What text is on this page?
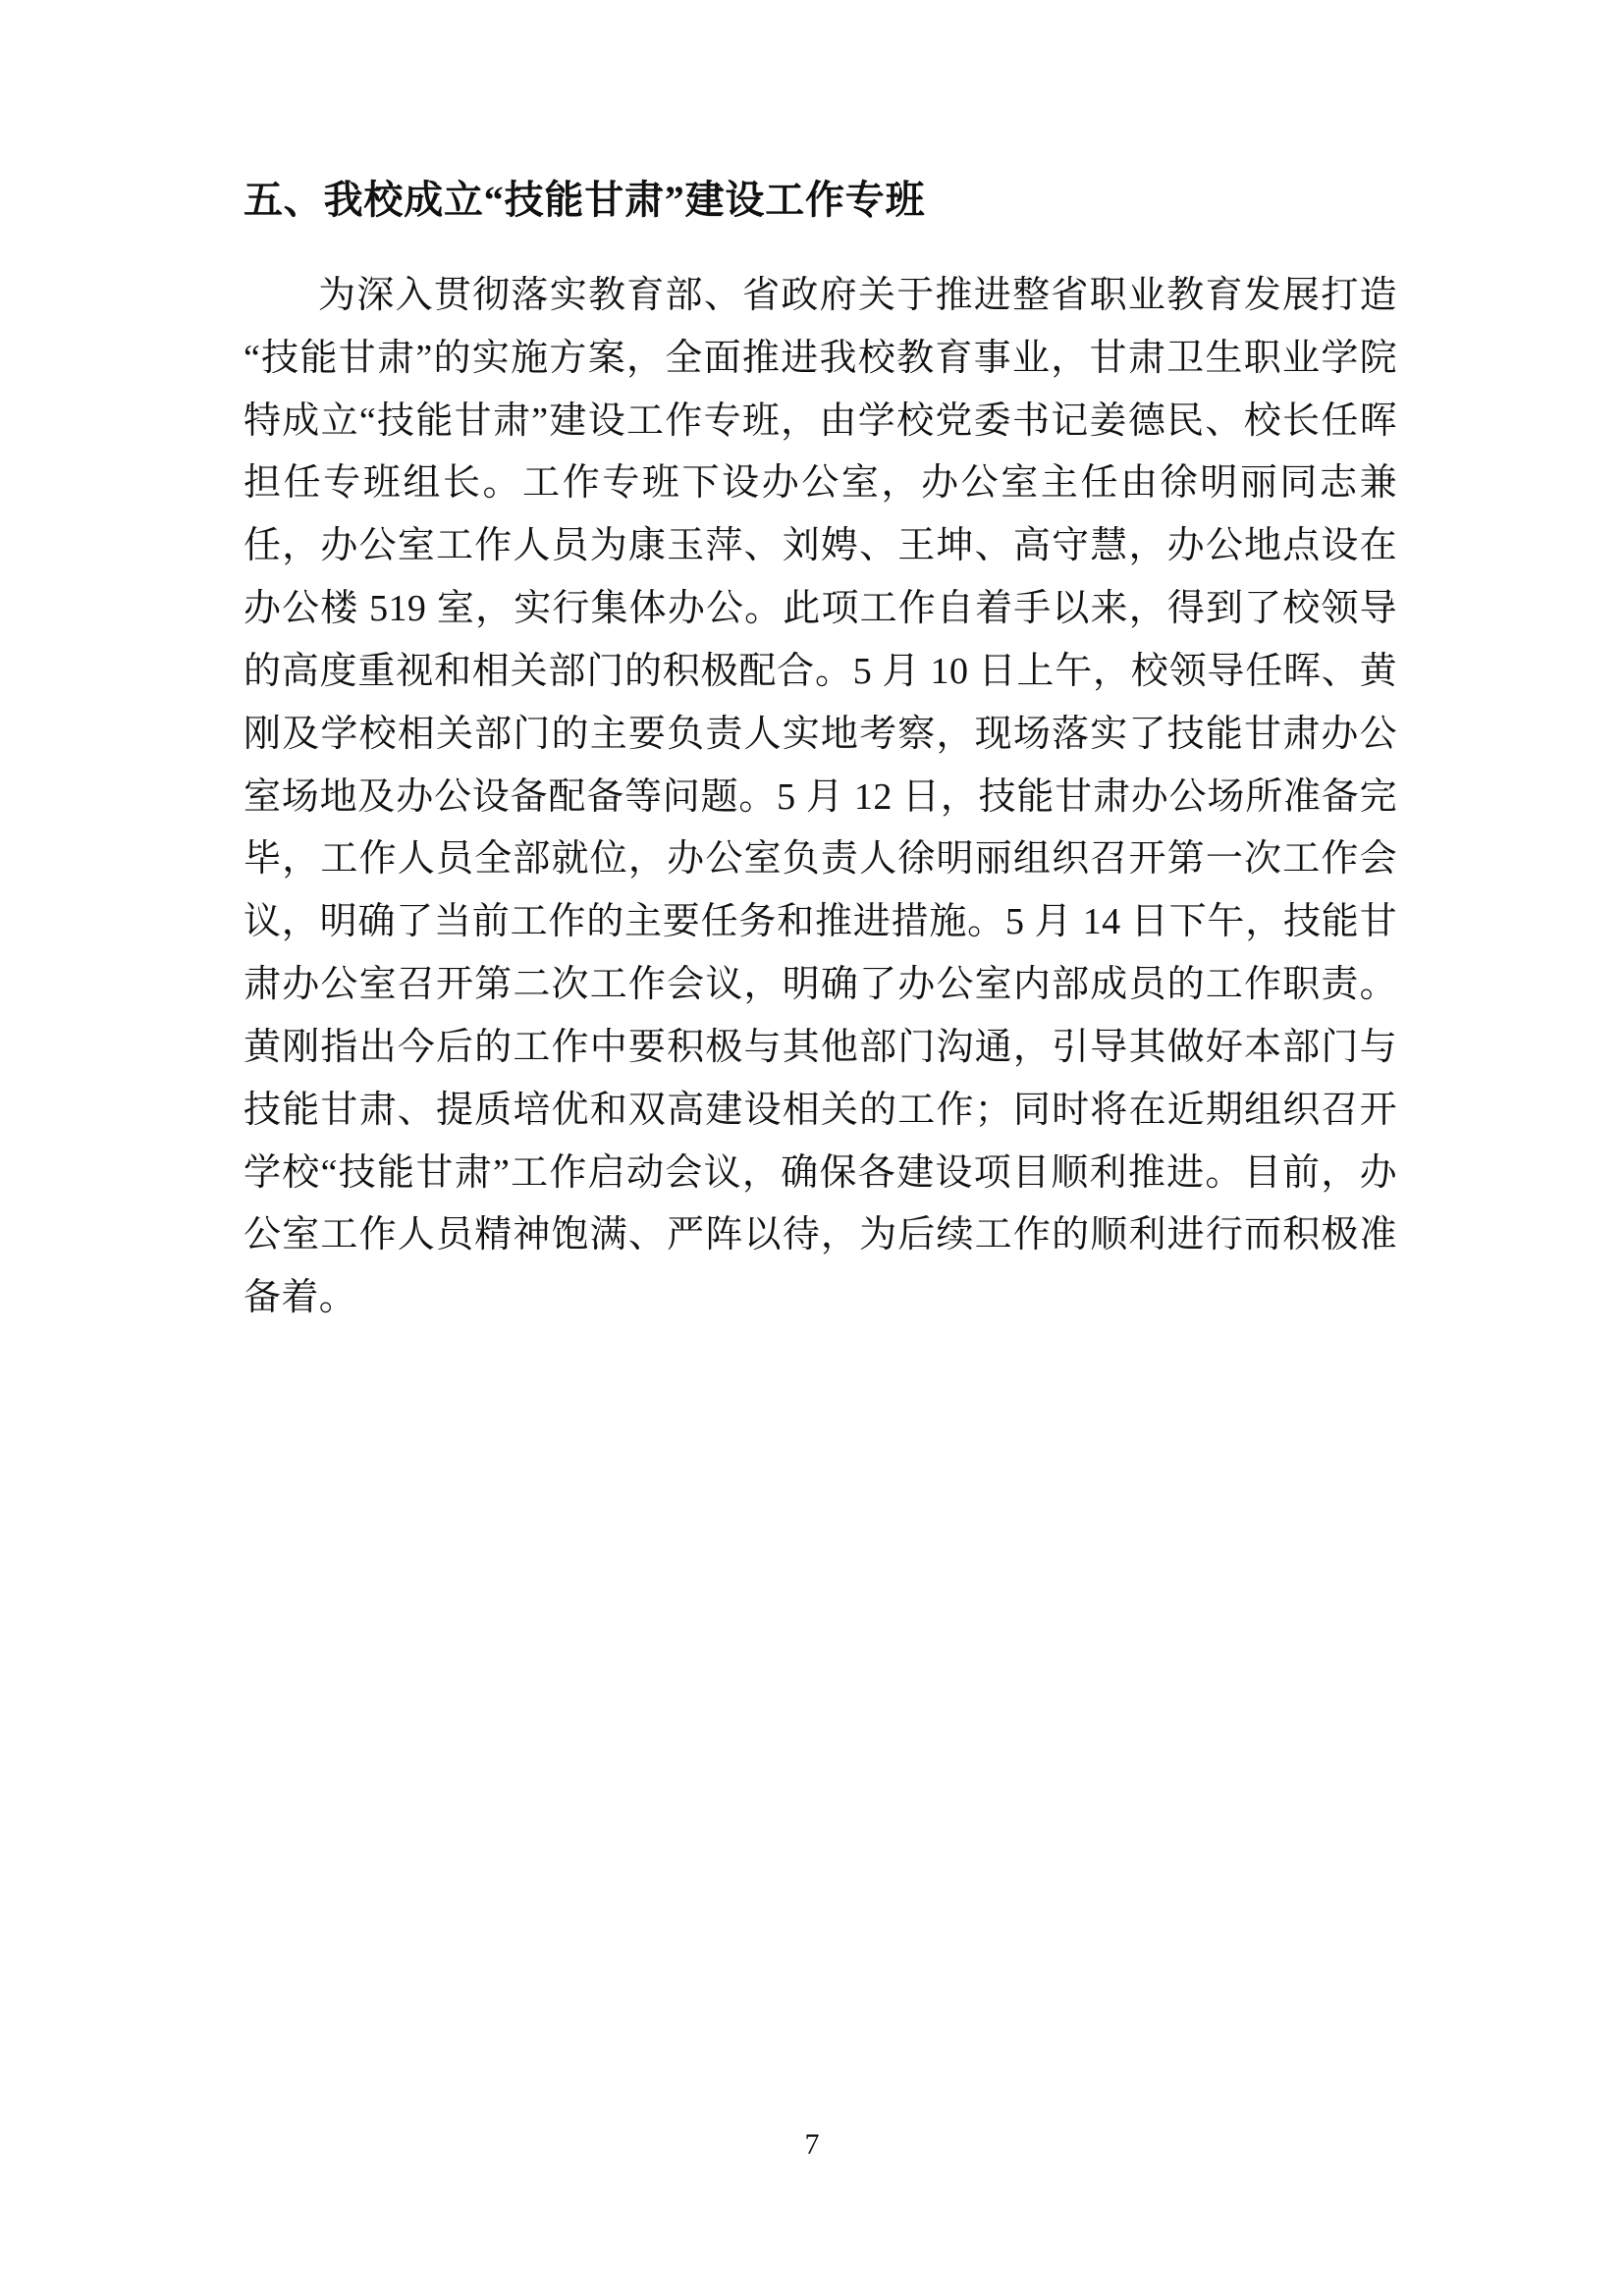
五、我校成立“技能甘肃”建设工作专班

为深入贯彻落实教育部、省政府关于推进整省职业教育发展打造“技能甘肃”的实施方案，全面推进我校教育事业，甘肃卫生职业学院特成立“技能甘肃”建设工作专班，由学校党委书记姜德民、校长任晖担任专班组长。工作专班下设办公室，办公室主任由徐明丽同志兼任，办公室工作人员为康玉萍、刘娉、王坤、高守慧，办公地点设在办公楼 519 室，实行集体办公。此项工作自着手以来，得到了校领导的高度重视和相关部门的积极配合。5 月 10 日上午，校领导任晖、黄刚及学校相关部门的主要负责人实地考察，现场落实了技能甘肃办公室场地及办公设备配备等问题。5 月 12 日，技能甘肃办公场所准备完毕，工作人员全部就位，办公室负责人徐明丽组织召开第一次工作会议，明确了当前工作的主要任务和推进措施。5 月 14 日下午，技能甘肃办公室召开第二次工作会议，明确了办公室内部成员的工作职责。黄刚指出今后的工作中要积极与其他部门沟通，引导其做好本部门与技能甘肃、提质培优和双高建设相关的工作；同时将在近期组织召开学校“技能甘肃”工作启动会议，确保各建设项目顺利推进。目前，办公室工作人员精神饱满、严阵以待，为后续工作的顺利进行而积极准备着。

7
